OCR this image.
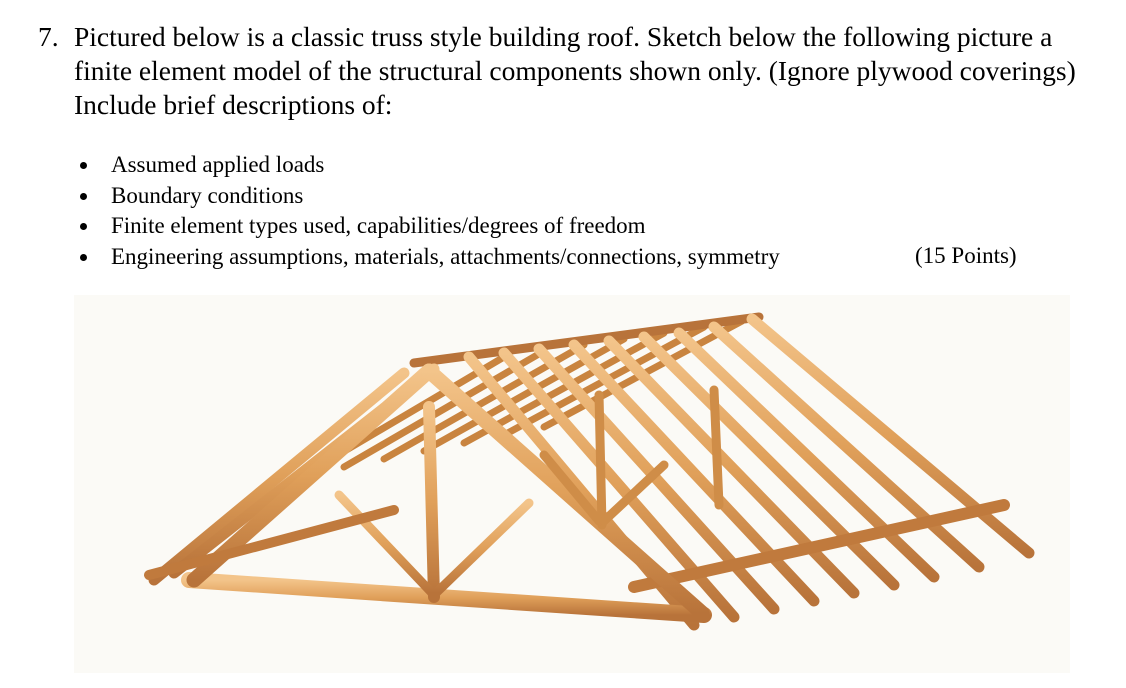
7. Pictured below is a classic truss style building roof. Sketch below the following picture a finite element model of the structural components shown only. (Ignore plywood coverings) Include brief descriptions of:
Assumed applied loads
Boundary conditions
Finite element types used, capabilities/degrees of freedom
Engineering assumptions, materials, attachments/connections, symmetry	(15 Points)
